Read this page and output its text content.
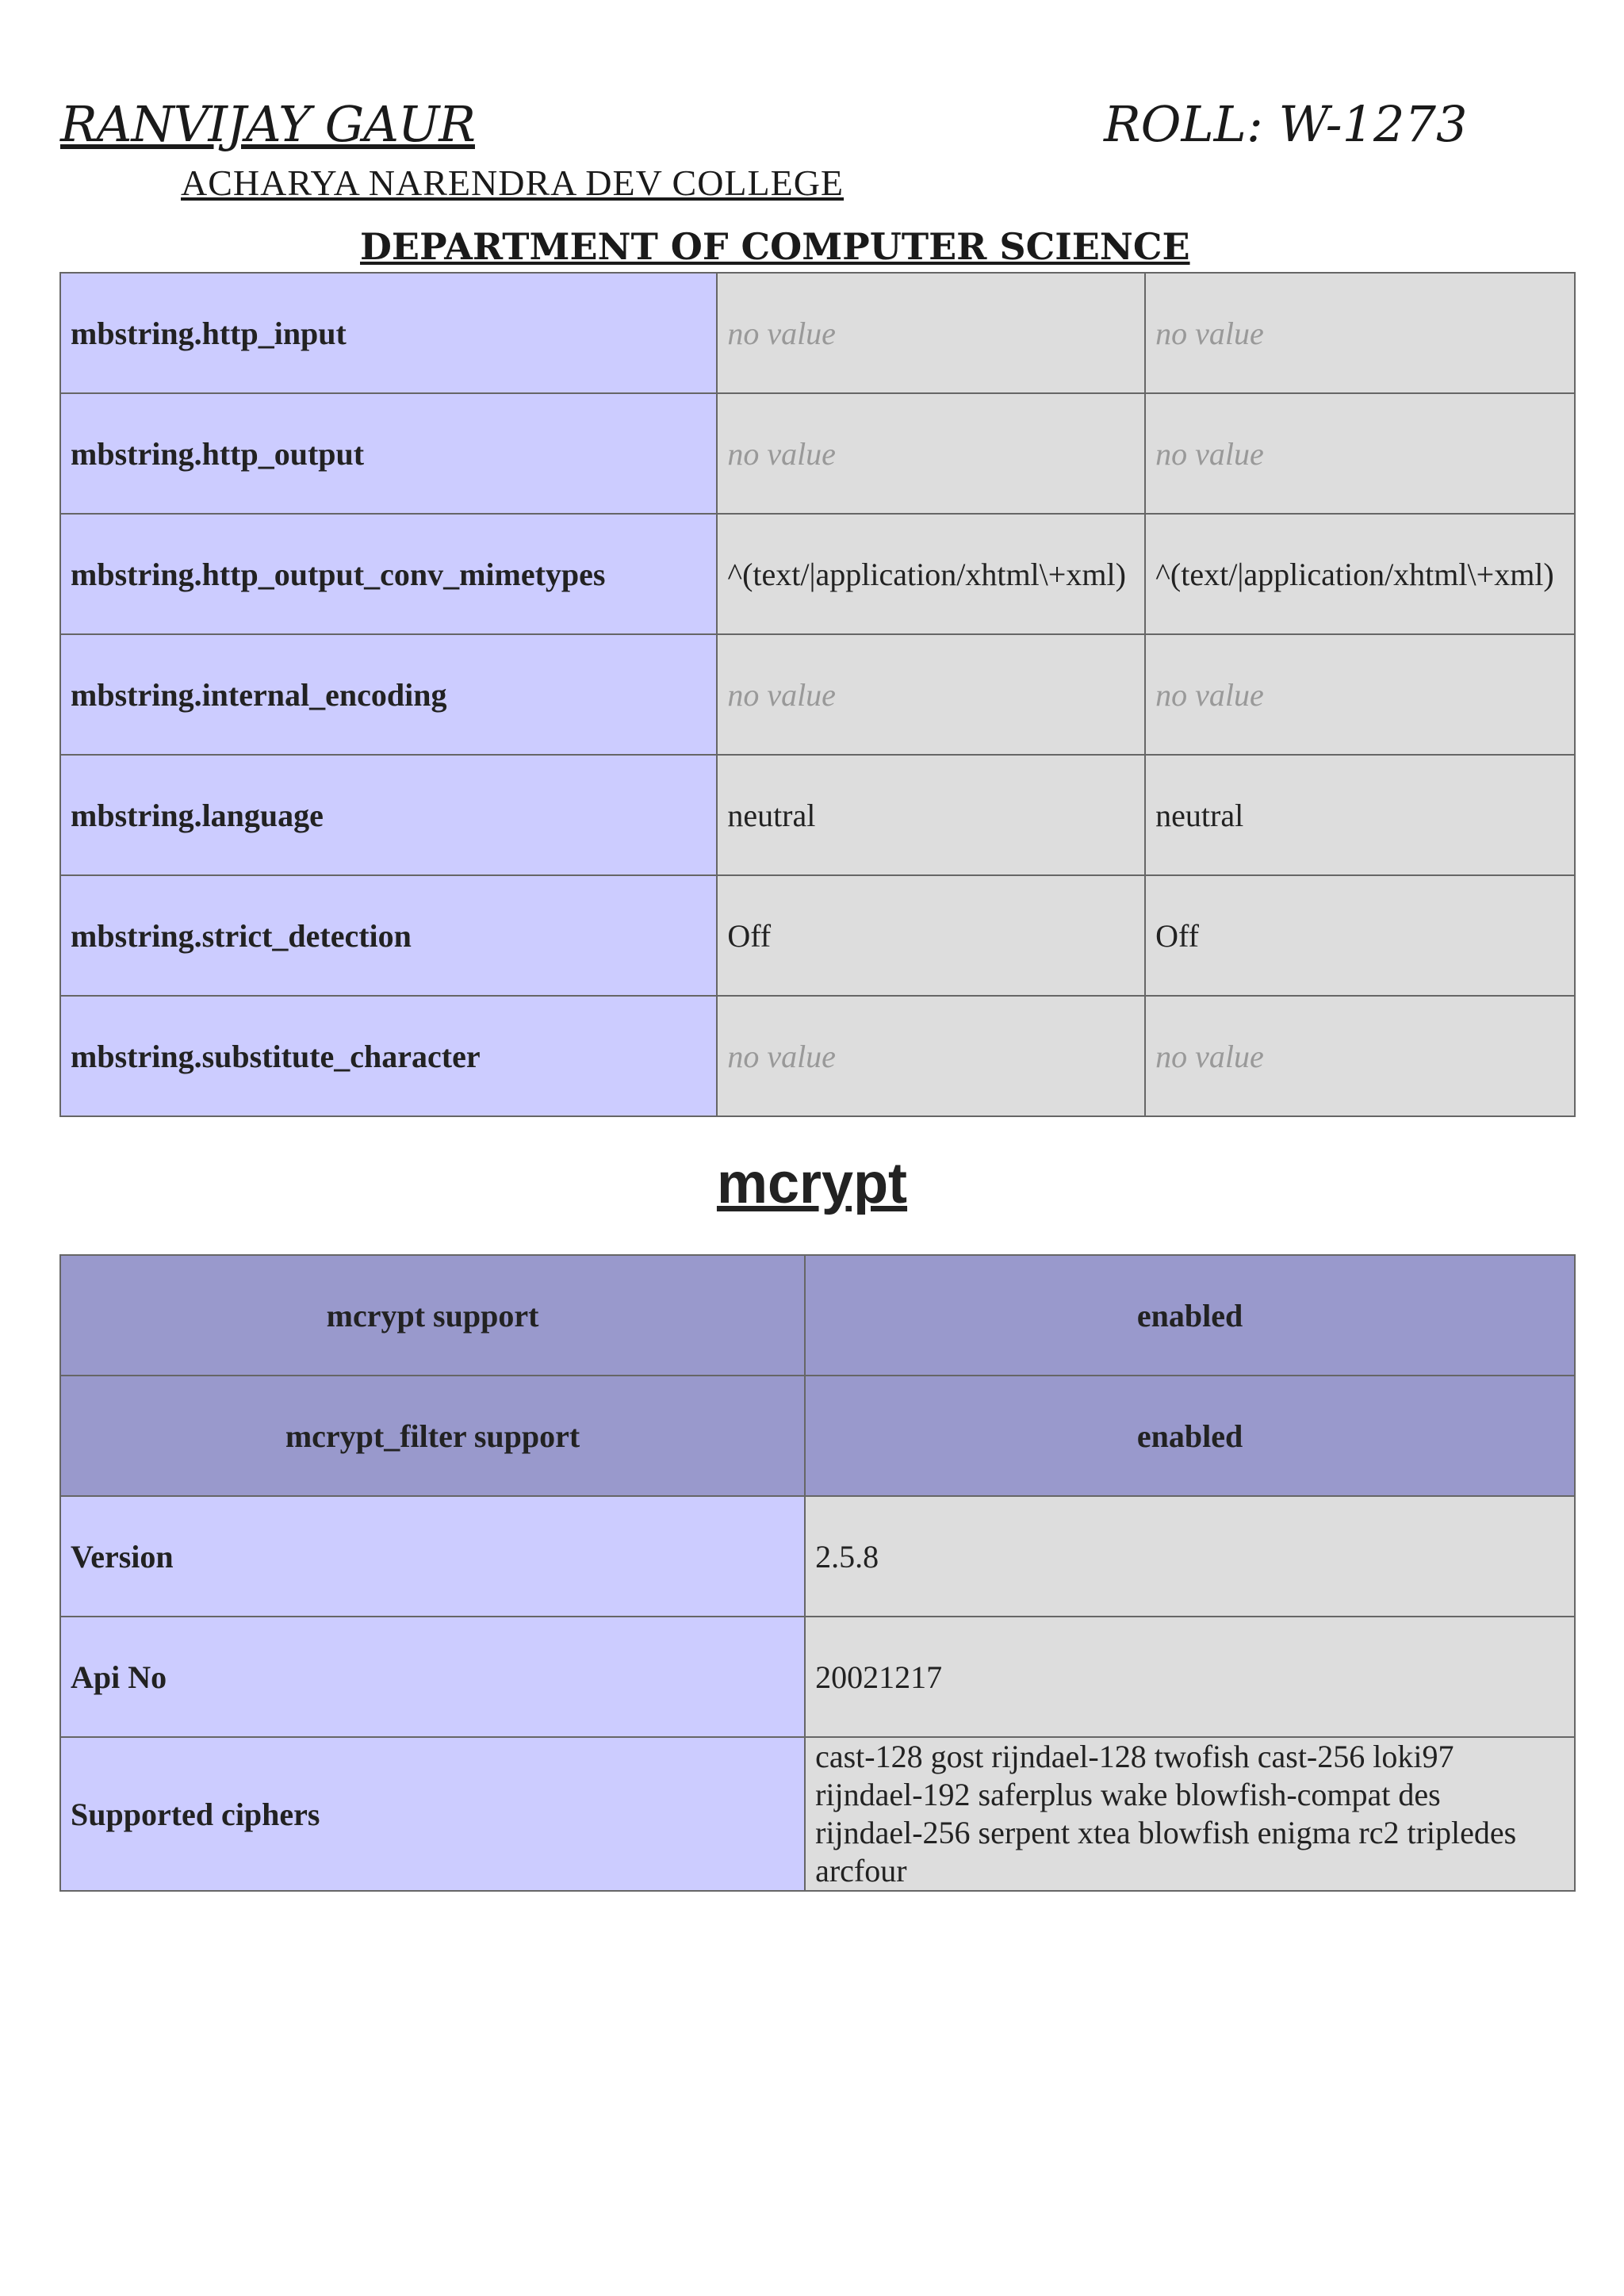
RANVIJAY GAUR	ROLL: W-1273
ACHARYA NARENDRA DEV COLLEGE
DEPARTMENT OF COMPUTER SCIENCE
mbstring.http_input	no value	no value
mbstring.http_output	no value	no value
mbstring.http_output_conv_mimetypes	^(text/|application/xhtml\+xml)	^(text/|application/xhtml\+xml)
mbstring.internal_encoding	no value	no value
mbstring.language	neutral	neutral
mbstring.strict_detection	Off	Off
mbstring.substitute_character	no value	no value
mcrypt
mcrypt support	enabled
mcrypt_filter support	enabled
Version	2.5.8
Api No	20021217
Supported ciphers	cast-128 gost rijndael-128 twofish cast-256 loki97
rijndael-192 saferplus wake blowfish-compat des
rijndael-256 serpent xtea blowfish enigma rc2 tripledes
arcfour
